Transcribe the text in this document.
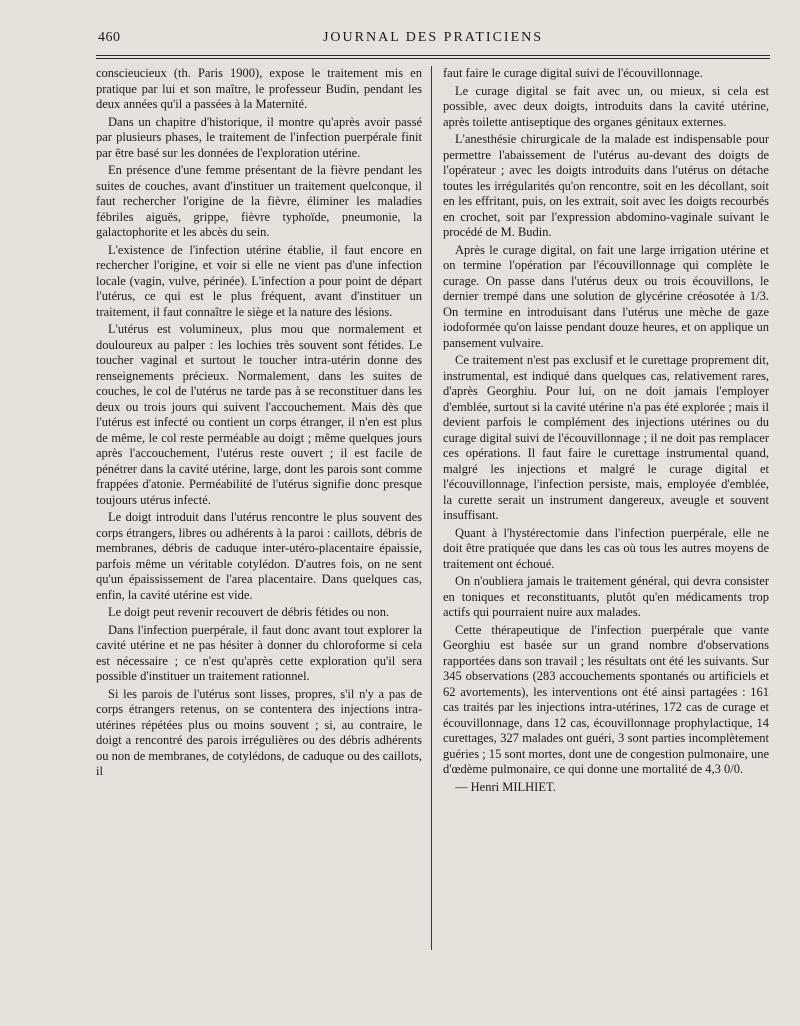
460	JOURNAL DES PRATICIENS

conscieucieux (th. Paris 1900), expose le traitement mis en pratique par lui et son maître, le professeur Budin, pendant les deux années qu'il a passées à la Maternité.

Dans un chapitre d'historique, il montre qu'après avoir passé par plusieurs phases, le traitement de l'infection puerpérale finit par être basé sur les données de l'exploration utérine.

En présence d'une femme présentant de la fièvre pendant les suites de couches, avant d'instituer un traitement quelconque, il faut rechercher l'origine de la fièvre, éliminer les maladies fébriles aiguës, grippe, fièvre typhoïde, pneumonie, la galactophorite et les abcès du sein.

L'existence de l'infection utérine établie, il faut encore en rechercher l'origine, et voir si elle ne vient pas d'une infection locale (vagin, vulve, périnée). L'infection a pour point de départ l'utérus, ce qui est le plus fréquent, avant d'instituer un traitement, il faut connaître le siège et la nature des lésions.

L'utérus est volumineux, plus mou que normalement et douloureux au palper : les lochies très souvent sont fétides. Le toucher vaginal et surtout le toucher intra-utérin donne des renseignements précieux. Normalement, dans les suites de couches, le col de l'utérus ne tarde pas à se reconstituer dans les deux ou trois jours qui suivent l'accouchement. Mais dès que l'utérus est infecté ou contient un corps étranger, il n'en est plus de même, le col reste perméable au doigt ; même quelques jours après l'accouchement, l'utérus reste ouvert ; il est facile de pénétrer dans la cavité utérine, large, dont les parois sont comme frappées d'atonie. Perméabilité de l'utérus signifie donc presque toujours utérus infecté.

Le doigt introduit dans l'utérus rencontre le plus souvent des corps étrangers, libres ou adhérents à la paroi : caillots, débris de membranes, débris de caduque inter-utéro-placentaire épaissie, parfois même un véritable cotylédon. D'autres fois, on ne sent qu'un épaississement de l'area placentaire. Dans quelques cas, enfin, la cavité utérine est vide.

Le doigt peut revenir recouvert de débris fétides ou non.

Dans l'infection puerpérale, il faut donc avant tout explorer la cavité utérine et ne pas hésiter à donner du chloroforme si cela est nécessaire ; ce n'est qu'après cette exploration qu'il sera possible d'instituer un traitement rationnel.

Si les parois de l'utérus sont lisses, propres, s'il n'y a pas de corps étrangers retenus, on se contentera des injections intra-utérines répétées plus ou moins souvent ; si, au contraire, le doigt a rencontré des parois irrégulières ou des débris adhérents ou non de membranes, de cotylédons, de caduque ou des caillots, il

faut faire le curage digital suivi de l'écouvillonnage.

Le curage digital se fait avec un, ou mieux, si cela est possible, avec deux doigts, introduits dans la cavité utérine, après toilette antiseptique des organes génitaux externes.

L'anesthésie chirurgicale de la malade est indispensable pour permettre l'abaissement de l'utérus au-devant des doigts de l'opérateur ; avec les doigts introduits dans l'utérus on détache toutes les irrégularités qu'on rencontre, soit en les décollant, soit en les effritant, puis, on les extrait, soit avec les doigts recourbés en crochet, soit par l'expression abdomino-vaginale suivant le procédé de M. Budin.

Après le curage digital, on fait une large irrigation utérine et on termine l'opération par l'écouvillonnage qui complète le curage. On passe dans l'utérus deux ou trois écouvillons, le dernier trempé dans une solution de glycérine créosotée à 1/3. On termine en introduisant dans l'utérus une mèche de gaze iodoformée qu'on laisse pendant douze heures, et on applique un pansement vulvaire.

Ce traitement n'est pas exclusif et le curettage proprement dit, instrumental, est indiqué dans quelques cas, relativement rares, d'après Georghiu. Pour lui, on ne doit jamais l'employer d'emblée, surtout si la cavité utérine n'a pas été explorée ; mais il devient parfois le complément des injections utérines ou du curage digital suivi de l'écouvillonnage ; il ne doit pas remplacer ces opérations. Il faut faire le curettage instrumental quand, malgré les injections et malgré le curage digital et l'écouvillonnage, l'infection persiste, mais, employée d'emblée, la curette serait un instrument dangereux, aveugle et souvent insuffisant.

Quant à l'hystérectomie dans l'infection puerpérale, elle ne doit être pratiquée que dans les cas où tous les autres moyens de traitement ont échoué.

On n'oubliera jamais le traitement général, qui devra consister en toniques et reconstituants, plutôt qu'en médicaments trop actifs qui pourraient nuire aux malades.

Cette thérapeutique de l'infection puerpérale que vante Georghiu est basée sur un grand nombre d'observations rapportées dans son travail ; les résultats ont été les suivants. Sur 345 observations (283 accouchements spontanés ou artificiels et 62 avortements), les interventions ont été ainsi partagées : 161 cas traités par les injections intra-utérines, 172 cas de curage et écouvillonnage, dans 12 cas, écouvillonnage prophylactique, 14 curettages, 327 malades ont guéri, 3 sont parties incomplètement guéries ; 15 sont mortes, dont une de congestion pulmonaire, une d'œdème pulmonaire, ce qui donne une mortalité de 4,3 0/0.

— Henri MILHIET.
